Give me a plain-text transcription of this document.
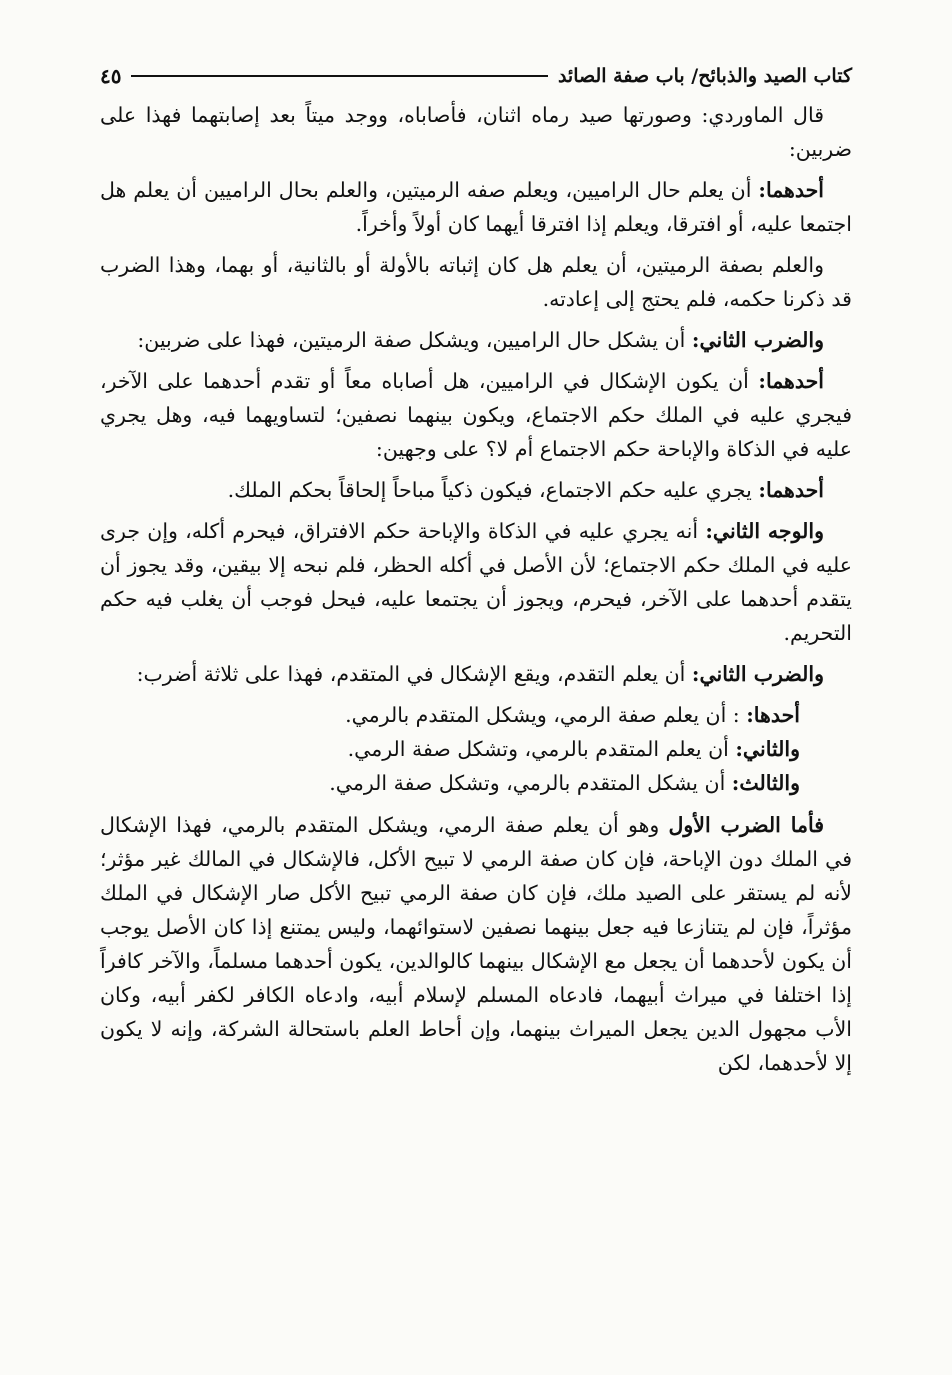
كتاب الصيد والذبائح/ باب صفة الصائد
٤٥

قال الماوردي: وصورتها صيد رماه اثنان، فأصاباه، ووجد ميتاً بعد إصابتهما فهذا على ضربين:

أحدهما: أن يعلم حال الراميين، ويعلم صفه الرميتين، والعلم بحال الراميين أن يعلم هل اجتمعا عليه، أو افترقا، ويعلم إذا افترقا أيهما كان أولاً وأخراً.

والعلم بصفة الرميتين، أن يعلم هل كان إثباته بالأولة أو بالثانية، أو بهما، وهذا الضرب قد ذكرنا حكمه، فلم يحتج إلى إعادته.

والضرب الثاني: أن يشكل حال الراميين، ويشكل صفة الرميتين، فهذا على ضربين:

أحدهما: أن يكون الإشكال في الراميين، هل أصاباه معاً أو تقدم أحدهما على الآخر، فيجري عليه في الملك حكم الاجتماع، ويكون بينهما نصفين؛ لتساويهما فيه، وهل يجري عليه في الذكاة والإباحة حكم الاجتماع أم لا؟ على وجهين:

أحدهما: يجري عليه حكم الاجتماع، فيكون ذكياً مباحاً إلحاقاً بحكم الملك.

والوجه الثاني: أنه يجري عليه في الذكاة والإباحة حكم الافتراق، فيحرم أكله، وإن جرى عليه في الملك حكم الاجتماع؛ لأن الأصل في أكله الحظر، فلم نبحه إلا بيقين، وقد يجوز أن يتقدم أحدهما على الآخر، فيحرم، ويجوز أن يجتمعا عليه، فيحل فوجب أن يغلب فيه حكم التحريم.

والضرب الثاني: أن يعلم التقدم، ويقع الإشكال في المتقدم، فهذا على ثلاثة أضرب:

أحدها: : أن يعلم صفة الرمي، ويشكل المتقدم بالرمي.

والثاني: أن يعلم المتقدم بالرمي، وتشكل صفة الرمي.

والثالث: أن يشكل المتقدم بالرمي، وتشكل صفة الرمي.

فأما الضرب الأول وهو أن يعلم صفة الرمي، ويشكل المتقدم بالرمي، فهذا الإشكال في الملك دون الإباحة، فإن كان صفة الرمي لا تبيح الأكل، فالإشكال في المالك غير مؤثر؛ لأنه لم يستقر على الصيد ملك، فإن كان صفة الرمي تبيح الأكل صار الإشكال في الملك مؤثراً، فإن لم يتنازعا فيه جعل بينهما نصفين لاستوائهما، وليس يمتنع إذا كان الأصل يوجب أن يكون لأحدهما أن يجعل مع الإشكال بينهما كالوالدين، يكون أحدهما مسلماً، والآخر كافراً إذا اختلفا في ميراث أبيهما، فادعاه المسلم لإسلام أبيه، وادعاه الكافر لكفر أبيه، وكان الأب مجهول الدين يجعل الميراث بينهما، وإن أحاط العلم باستحالة الشركة، وإنه لا يكون إلا لأحدهما، لكن
